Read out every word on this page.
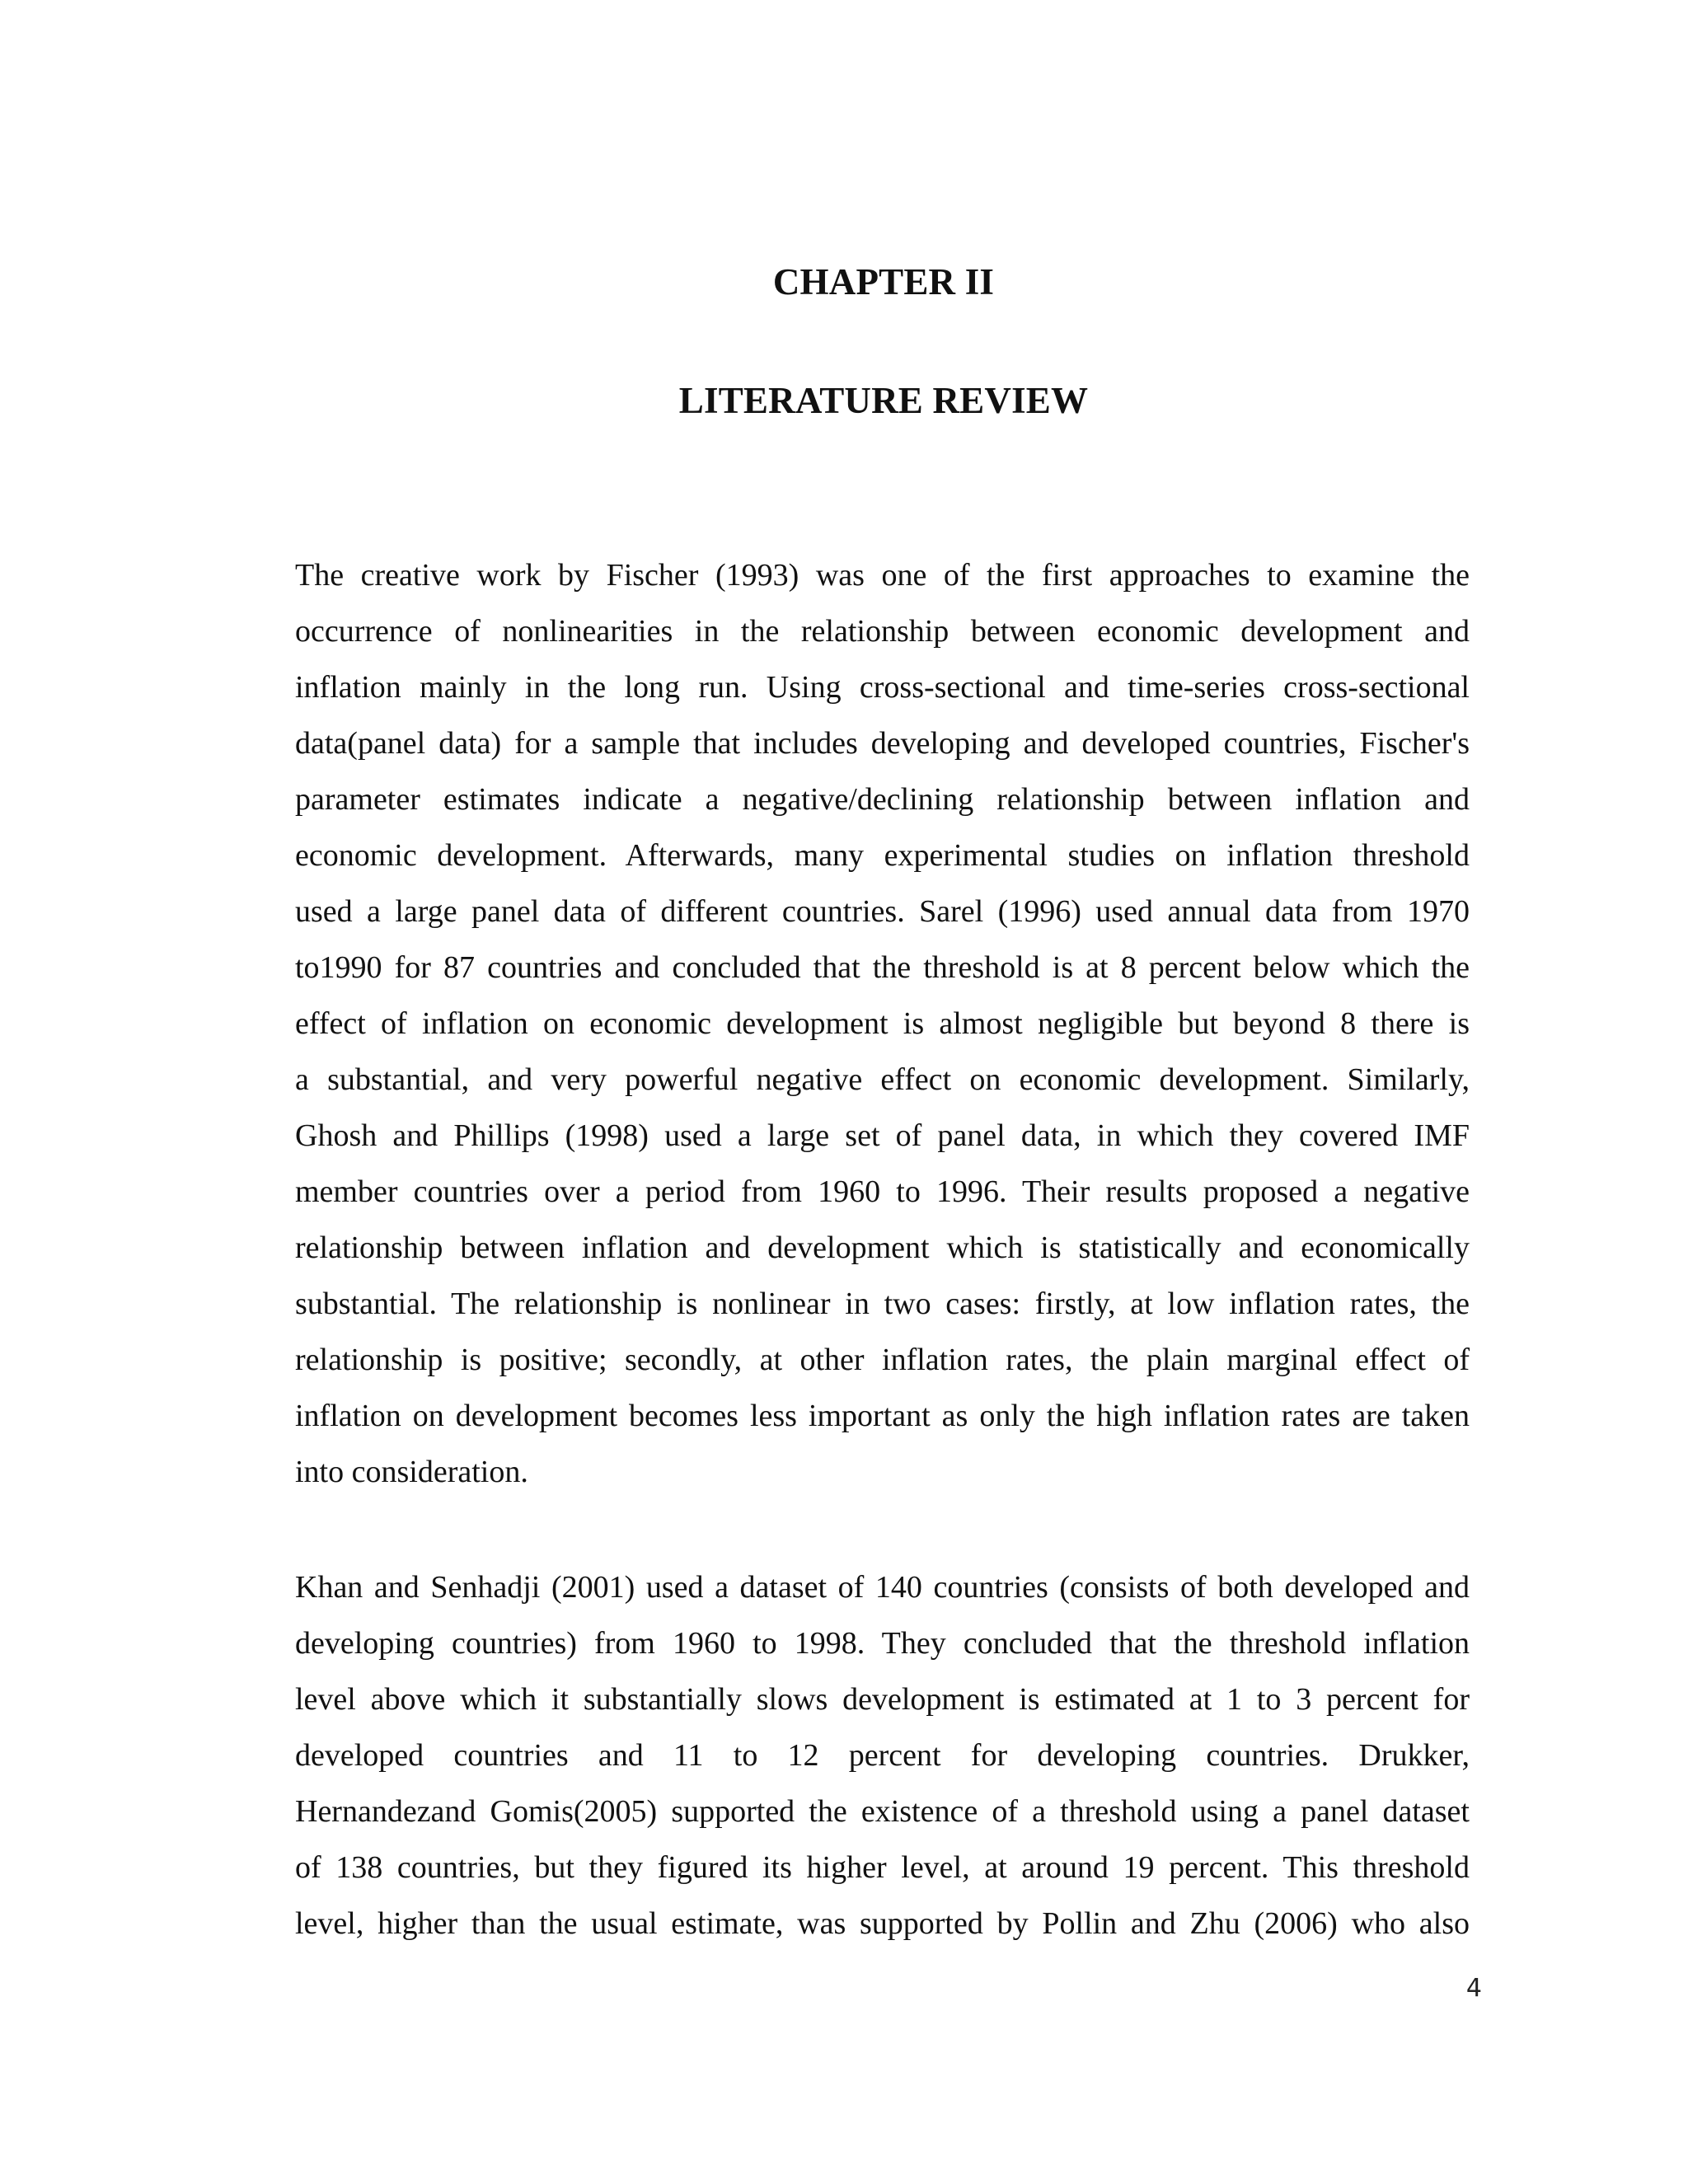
CHAPTER II
LITERATURE REVIEW
The creative work by Fischer (1993) was one of the first approaches to examine the
occurrence of nonlinearities in the relationship between economic development and
inflation mainly in the long run. Using cross-sectional and time-series cross-sectional
data(panel data) for a sample that includes developing and developed countries, Fischer's
parameter estimates indicate a negative/declining relationship between inflation and
economic development. Afterwards, many experimental studies on inflation threshold
used a large panel data of different countries. Sarel (1996) used annual data from 1970
to1990 for 87 countries and concluded that the threshold is at 8 percent below which the
effect of inflation on economic development is almost negligible but beyond 8 there is
a substantial, and very powerful negative effect on economic development. Similarly,
Ghosh and Phillips (1998) used a large set of panel data, in which they covered IMF
member countries over a period from 1960 to 1996. Their results proposed a negative
relationship between inflation and development which is statistically and economically
substantial. The relationship is nonlinear in two cases: firstly, at low inflation rates, the
relationship is positive; secondly, at other inflation rates, the plain marginal effect of
inflation on development becomes less important as only the high inflation rates are taken
into consideration.
Khan and Senhadji (2001) used a dataset of 140 countries (consists of both developed and
developing countries) from 1960 to 1998. They concluded that the threshold inflation
level above which it substantially slows development is estimated at 1 to 3 percent for
developed countries and 11 to 12 percent for developing countries. Drukker,
Hernandezand Gomis(2005) supported the existence of a threshold using a panel dataset
of 138 countries, but they figured its higher level, at around 19 percent. This threshold
level, higher than the usual estimate, was supported by Pollin and Zhu (2006) who also
4
